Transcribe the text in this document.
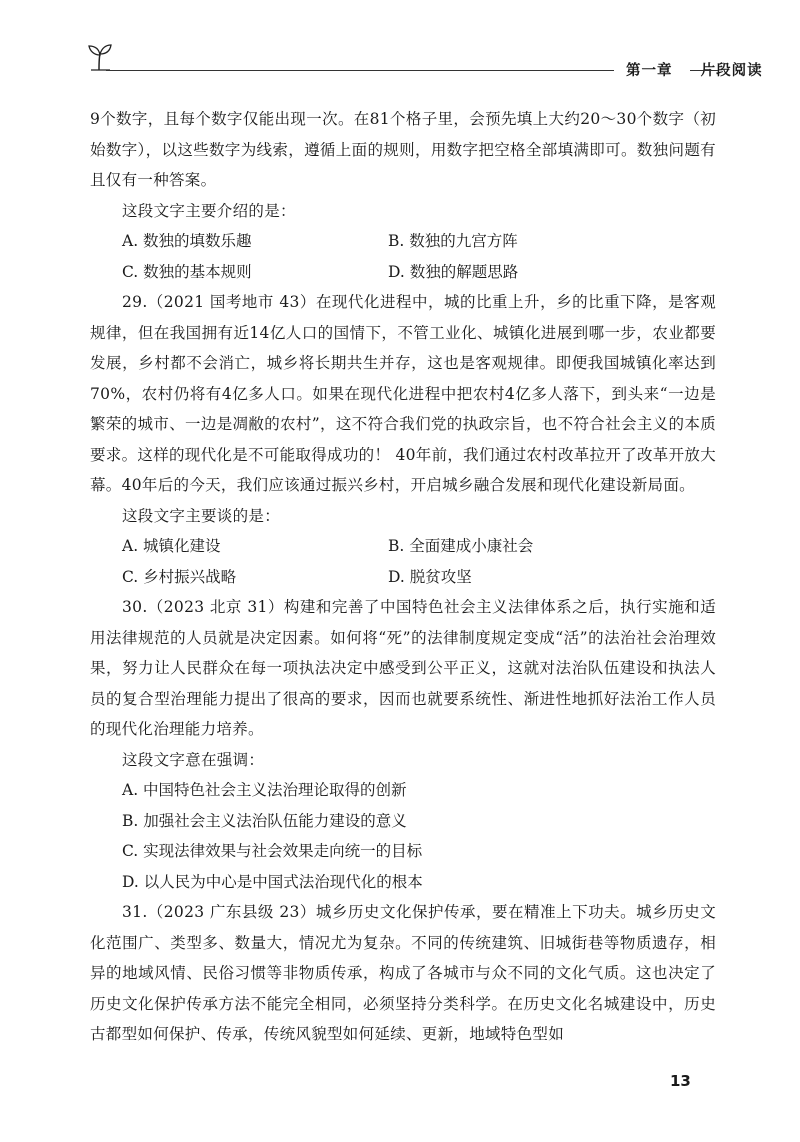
第一章 片段阅读

9个数字，且每个数字仅能出现一次。在81个格子里，会预先填上大约20～30个数字（初始数字），以这些数字为线索，遵循上面的规则，用数字把空格全部填满即可。数独问题有且仅有一种答案。

这段文字主要介绍的是：

A. 数独的填数乐趣	B. 数独的九宫方阵
C. 数独的基本规则	D. 数独的解题思路

29.（2021 国考地市 43）在现代化进程中，城的比重上升，乡的比重下降，是客观规律，但在我国拥有近14亿人口的国情下，不管工业化、城镇化进展到哪一步，农业都要发展，乡村都不会消亡，城乡将长期共生并存，这也是客观规律。即便我国城镇化率达到70%，农村仍将有4亿多人口。如果在现代化进程中把农村4亿多人落下，到头来“一边是繁荣的城市、一边是凋敝的农村”，这不符合我们党的执政宗旨，也不符合社会主义的本质要求。这样的现代化是不可能取得成功的！ 40年前，我们通过农村改革拉开了改革开放大幕。40年后的今天，我们应该通过振兴乡村，开启城乡融合发展和现代化建设新局面。

这段文字主要谈的是：

A. 城镇化建设	B. 全面建成小康社会
C. 乡村振兴战略	D. 脱贫攻坚

30.（2023 北京 31）构建和完善了中国特色社会主义法律体系之后，执行实施和适用法律规范的人员就是决定因素。如何将“死”的法律制度规定变成“活”的法治社会治理效果，努力让人民群众在每一项执法决定中感受到公平正义，这就对法治队伍建设和执法人员的复合型治理能力提出了很高的要求，因而也就要系统性、渐进性地抓好法治工作人员的现代化治理能力培养。

这段文字意在强调：

A. 中国特色社会主义法治理论取得的创新

B. 加强社会主义法治队伍能力建设的意义

C. 实现法律效果与社会效果走向统一的目标

D. 以人民为中心是中国式法治现代化的根本

31.（2023 广东县级 23）城乡历史文化保护传承，要在精准上下功夫。城乡历史文化范围广、类型多、数量大，情况尤为复杂。不同的传统建筑、旧城街巷等物质遗存，相异的地域风情、民俗习惯等非物质传承，构成了各城市与众不同的文化气质。这也决定了历史文化保护传承方法不能完全相同，必须坚持分类科学。在历史文化名城建设中，历史古都型如何保护、传承，传统风貌型如何延续、更新，地域特色型如

13
